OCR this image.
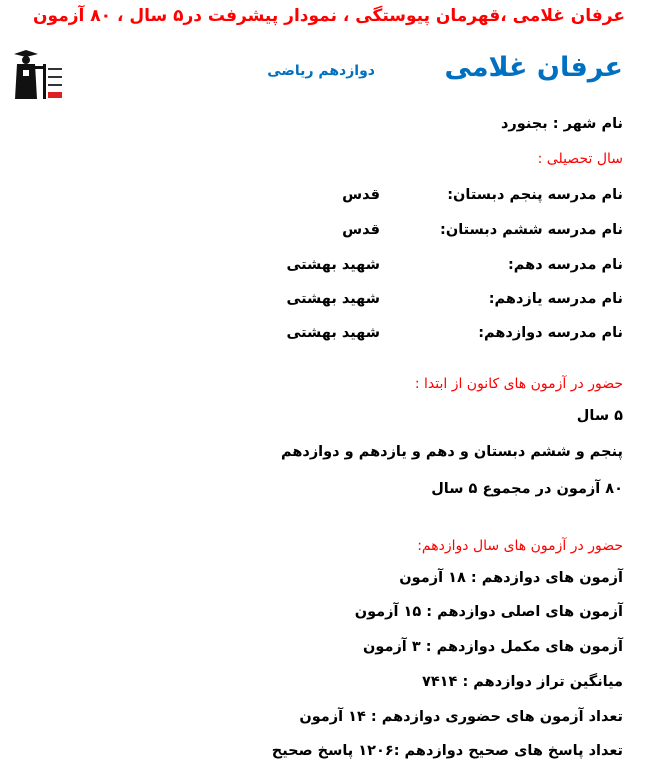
عرفان غلامی ،قهرمان پیوستگی ، نمودار پیشرفت در۵ سال ، ۸۰ آزمون
عرفان غلامی
دوازدهم ریاضی
نام شهر : بجنورد
سال تحصیلی :
نام مدرسه پنجم دبستان:
قدس
نام مدرسه ششم دبستان:
قدس
نام مدرسه دهم:
شهید بهشتی
نام مدرسه یازدهم:
شهید بهشتی
نام مدرسه دوازدهم:
شهید بهشتی
حضور در آزمون های کانون از ابتدا :
۵ سال
پنجم و ششم دبستان و دهم و یازدهم و دوازدهم
۸۰ آزمون در مجموع ۵ سال
حضور در آزمون های سال دوازدهم:
آزمون های دوازدهم : ۱۸ آزمون
آزمون های اصلی دوازدهم : ۱۵ آزمون
آزمون های مکمل دوازدهم : ۳ آزمون
میانگین تراز دوازدهم : ۷۴۱۴
تعداد آزمون های حضوری دوازدهم : ۱۴ آزمون
تعداد پاسخ های صحیح دوازدهم :۱۲۰۶ پاسخ صحیح
